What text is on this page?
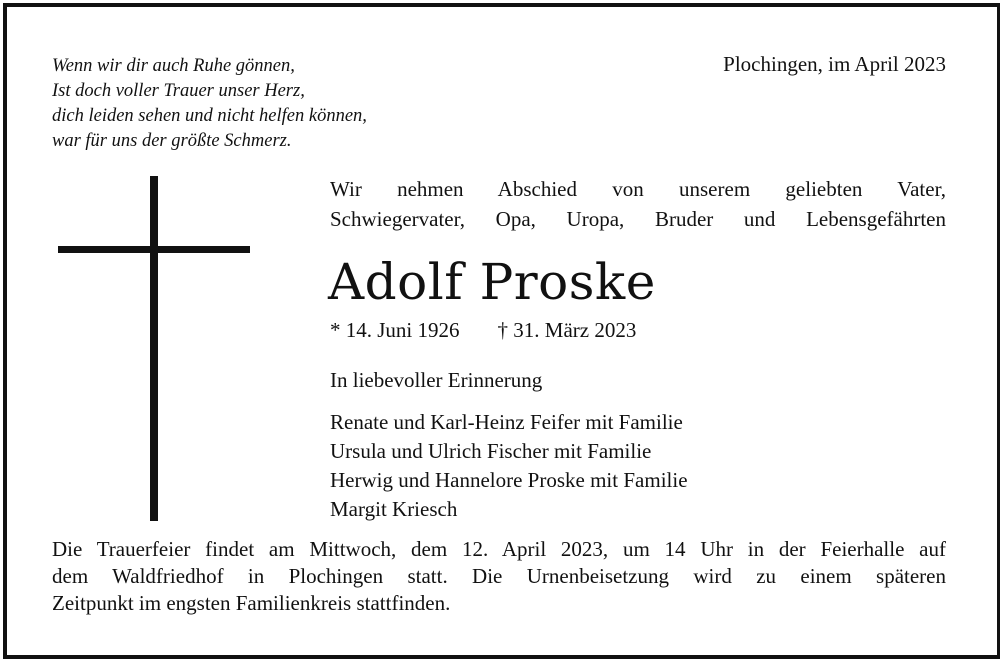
Wenn wir dir auch Ruhe gönnen,
Ist doch voller Trauer unser Herz,
dich leiden sehen und nicht helfen können,
war für uns der größte Schmerz.
Plochingen, im April 2023
Wir nehmen Abschied von unserem geliebten Vater,
Schwiegervater, Opa, Uropa, Bruder und Lebensgefährten
Adolf Proske
* 14. Juni 1926 † 31. März 2023
In liebevoller Erinnerung
Renate und Karl-Heinz Feifer mit Familie
Ursula und Ulrich Fischer mit Familie
Herwig und Hannelore Proske mit Familie
Margit Kriesch
Die Trauerfeier findet am Mittwoch, dem 12. April 2023, um 14 Uhr in der Feierhalle auf
dem Waldfriedhof in Plochingen statt. Die Urnenbeisetzung wird zu einem späteren
Zeitpunkt im engsten Familienkreis stattfinden.
